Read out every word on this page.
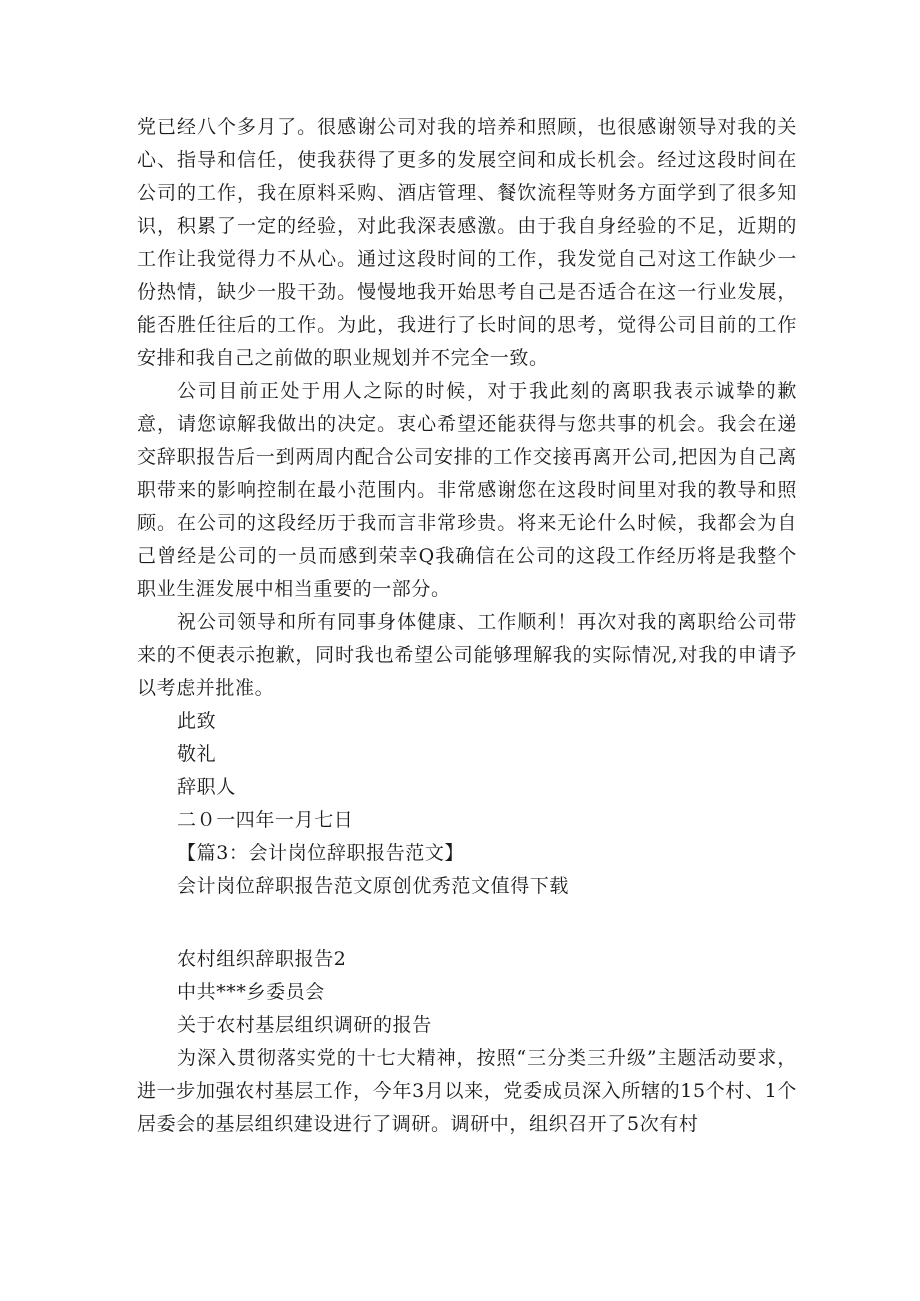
党已经八个多月了。很感谢公司对我的培养和照顾，也很感谢领导对我的关心、指导和信任，使我获得了更多的发展空间和成长机会。经过这段时间在公司的工作，我在原料采购、酒店管理、餐饮流程等财务方面学到了很多知识，积累了一定的经验，对此我深表感激。由于我自身经验的不足，近期的工作让我觉得力不从心。通过这段时间的工作，我发觉自己对这工作缺少一份热情，缺少一股干劲。慢慢地我开始思考自己是否适合在这一行业发展，能否胜任往后的工作。为此，我进行了长时间的思考，觉得公司目前的工作安排和我自己之前做的职业规划并不完全一致。

公司目前正处于用人之际的时候，对于我此刻的离职我表示诚挚的歉意，请您谅解我做出的决定。衷心希望还能获得与您共事的机会。我会在递交辞职报告后一到两周内配合公司安排的工作交接再离开公司,把因为自己离职带来的影响控制在最小范围内。非常感谢您在这段时间里对我的教导和照顾。在公司的这段经历于我而言非常珍贵。将来无论什么时候，我都会为自己曾经是公司的一员而感到荣幸Q我确信在公司的这段工作经历将是我整个职业生涯发展中相当重要的一部分。

祝公司领导和所有同事身体健康、工作顺利！再次对我的离职给公司带来的不便表示抱歉，同时我也希望公司能够理解我的实际情况,对我的申请予以考虑并批准。

此致

敬礼

辞职人

二０一四年一月七日

【篇3：会计岗位辞职报告范文】

会计岗位辞职报告范文原创优秀范文值得下载

农村组织辞职报告2

中共***乡委员会

关于农村基层组织调研的报告

为深入贯彻落实党的十七大精神，按照“三分类三升级”主题活动要求，进一步加强农村基层工作，今年3月以来，党委成员深入所辖的15个村、1个居委会的基层组织建设进行了调研。调研中，组织召开了5次有村
